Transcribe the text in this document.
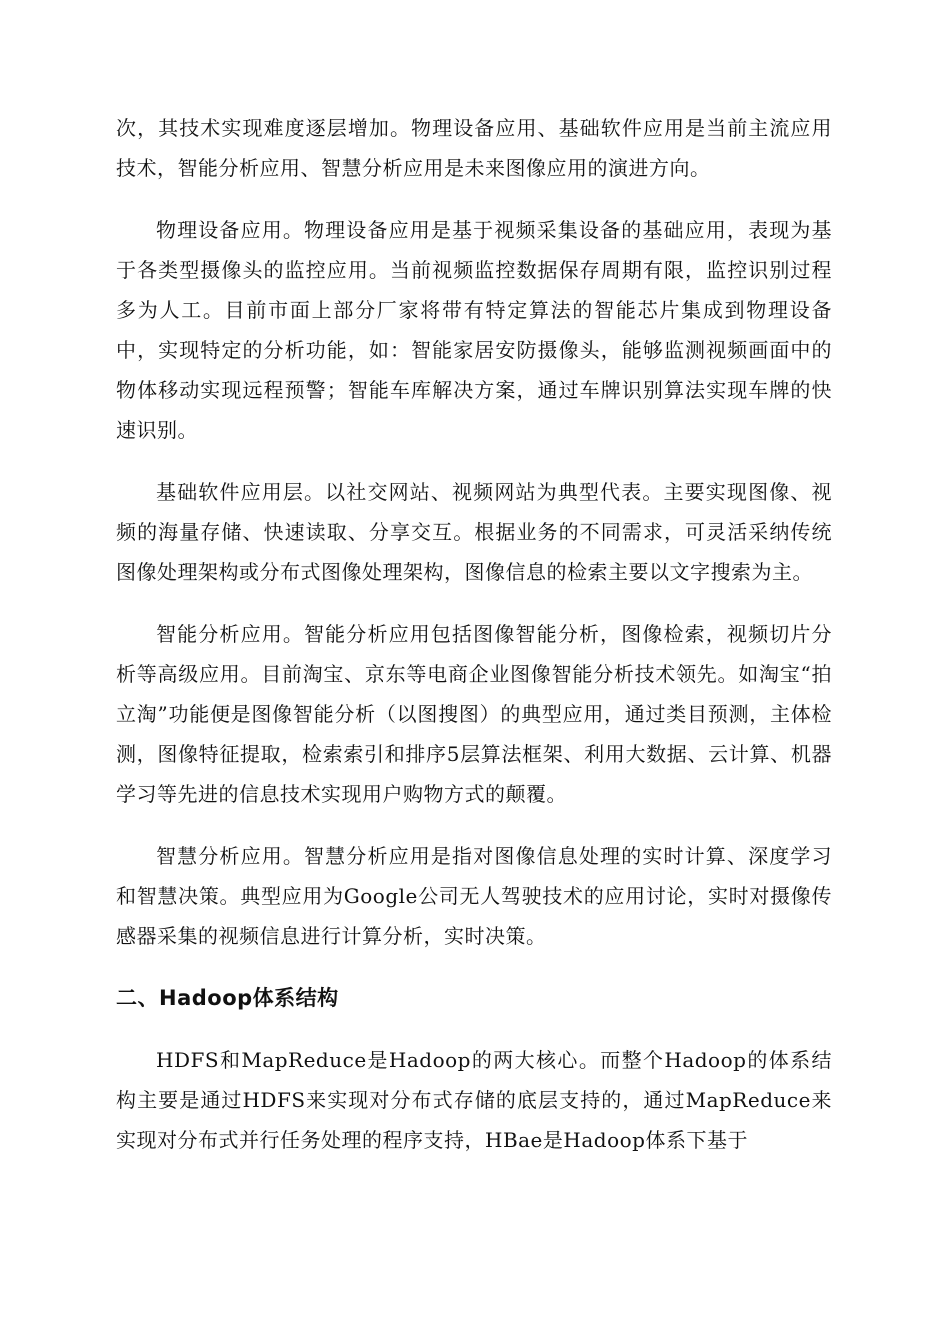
次，其技术实现难度逐层增加。物理设备应用、基础软件应用是当前主流应用技术，智能分析应用、智慧分析应用是未来图像应用的演进方向。

物理设备应用。物理设备应用是基于视频采集设备的基础应用，表现为基于各类型摄像头的监控应用。当前视频监控数据保存周期有限，监控识别过程多为人工。目前市面上部分厂家将带有特定算法的智能芯片集成到物理设备中，实现特定的分析功能，如：智能家居安防摄像头，能够监测视频画面中的物体移动实现远程预警；智能车库解决方案，通过车牌识别算法实现车牌的快速识别。

基础软件应用层。以社交网站、视频网站为典型代表。主要实现图像、视频的海量存储、快速读取、分享交互。根据业务的不同需求，可灵活采纳传统图像处理架构或分布式图像处理架构，图像信息的检索主要以文字搜索为主。

智能分析应用。智能分析应用包括图像智能分析，图像检索，视频切片分析等高级应用。目前淘宝、京东等电商企业图像智能分析技术领先。如淘宝“拍立淘”功能便是图像智能分析（以图搜图）的典型应用，通过类目预测，主体检测，图像特征提取，检索索引和排序5层算法框架、利用大数据、云计算、机器学习等先进的信息技术实现用户购物方式的颠覆。

智慧分析应用。智慧分析应用是指对图像信息处理的实时计算、深度学习和智慧决策。典型应用为Google公司无人驾驶技术的应用讨论，实时对摄像传感器采集的视频信息进行计算分析，实时决策。

二、Hadoop体系结构

HDFS和MapReduce是Hadoop的两大核心。而整个Hadoop的体系结构主要是通过HDFS来实现对分布式存储的底层支持的，通过MapReduce来实现对分布式并行任务处理的程序支持，HBae是Hadoop体系下基于
